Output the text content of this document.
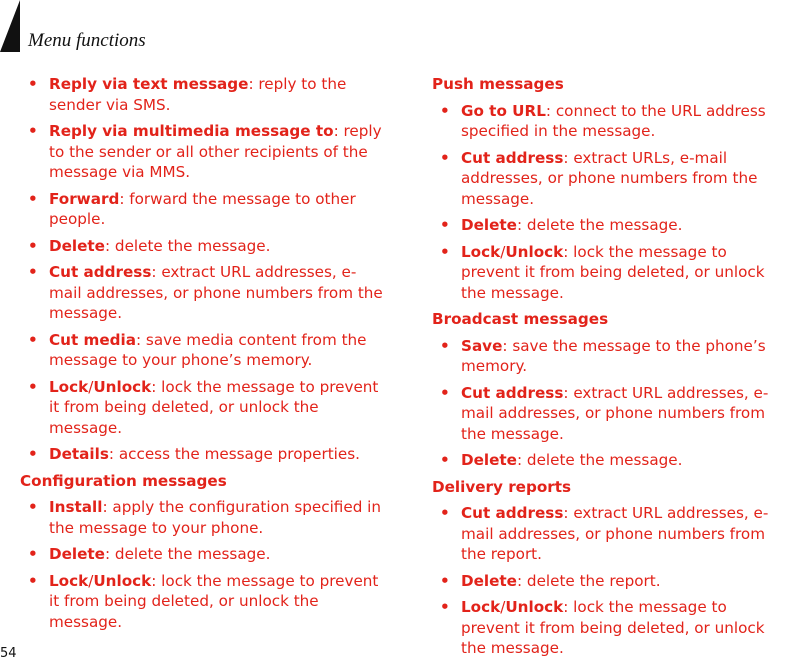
Menu functions
• Reply via text message: reply to the sender via SMS.
• Reply via multimedia message to: reply to the sender or all other recipients of the message via MMS.
• Forward: forward the message to other people.
• Delete: delete the message.
• Cut address: extract URL addresses, e-mail addresses, or phone numbers from the message.
• Cut media: save media content from the message to your phone’s memory.
• Lock/Unlock: lock the message to prevent it from being deleted, or unlock the message.
• Details: access the message properties.
Configuration messages
• Install: apply the configuration specified in the message to your phone.
• Delete: delete the message.
• Lock/Unlock: lock the message to prevent it from being deleted, or unlock the message.
Push messages
• Go to URL: connect to the URL address specified in the message.
• Cut address: extract URLs, e-mail addresses, or phone numbers from the message.
• Delete: delete the message.
• Lock/Unlock: lock the message to prevent it from being deleted, or unlock the message.
Broadcast messages
• Save: save the message to the phone’s memory.
• Cut address: extract URL addresses, e-mail addresses, or phone numbers from the message.
• Delete: delete the message.
Delivery reports
• Cut address: extract URL addresses, e-mail addresses, or phone numbers from the report.
• Delete: delete the report.
• Lock/Unlock: lock the message to prevent it from being deleted, or unlock the message.
54
